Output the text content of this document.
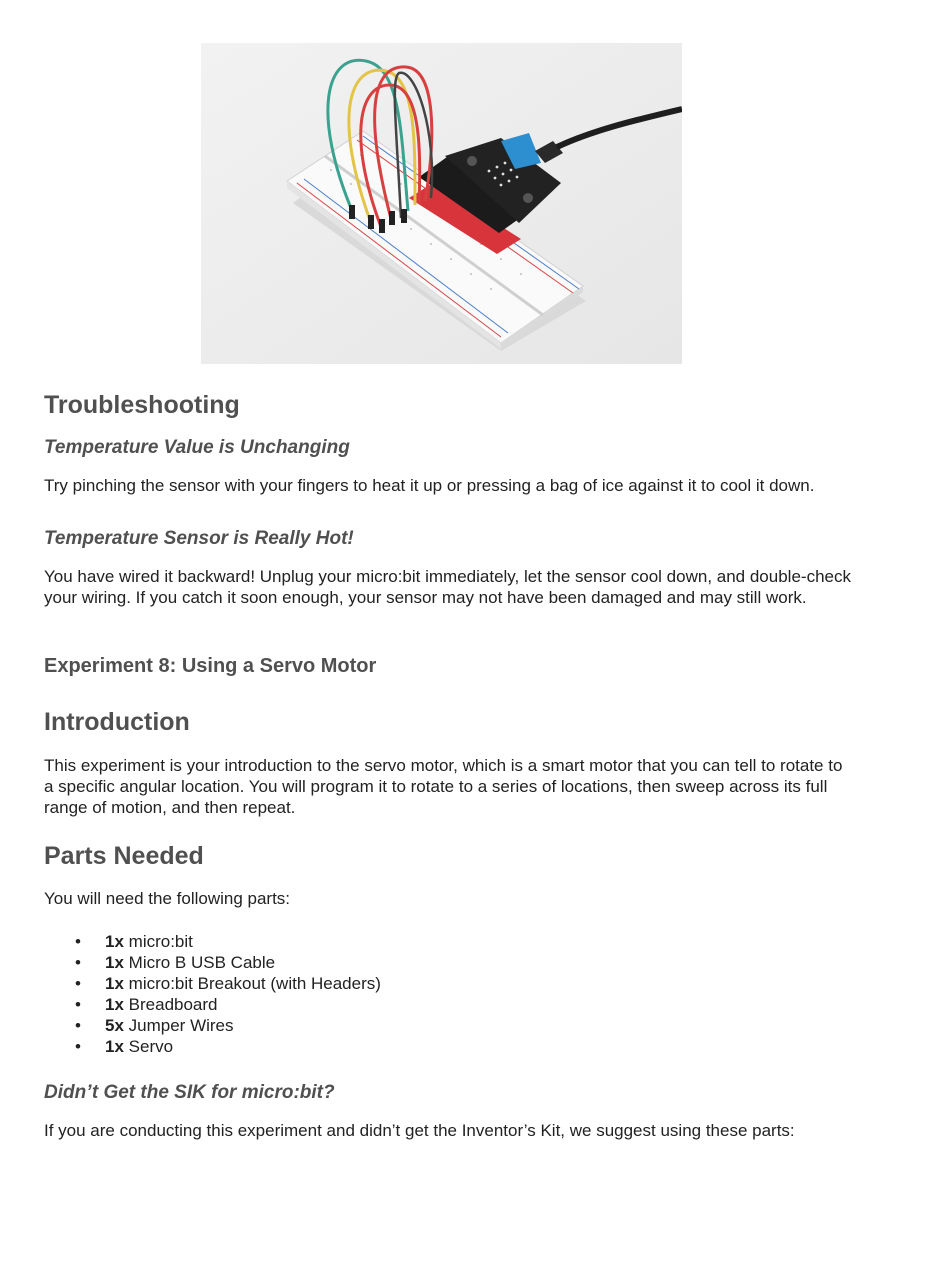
Troubleshooting
Temperature Value is Unchanging

Try pinching the sensor with your fingers to heat it up or pressing a bag of ice against it to cool it down.

Temperature Sensor is Really Hot!

You have wired it backward! Unplug your micro:bit immediately, let the sensor cool down, and double-check your wiring. If you catch it soon enough, your sensor may not have been damaged and may still work.

Experiment 8: Using a Servo Motor
Introduction

This experiment is your introduction to the servo motor, which is a smart motor that you can tell to rotate to a specific angular location. You will program it to rotate to a series of locations, then sweep across its full range of motion, and then repeat.

Parts Needed

You will need the following parts:

• 1x micro:bit
• 1x Micro B USB Cable
• 1x micro:bit Breakout (with Headers)
• 1x Breadboard
• 5x Jumper Wires
• 1x Servo
Didn’t Get the SIK for micro:bit?

If you are conducting this experiment and didn’t get the Inventor’s Kit, we suggest using these parts:
